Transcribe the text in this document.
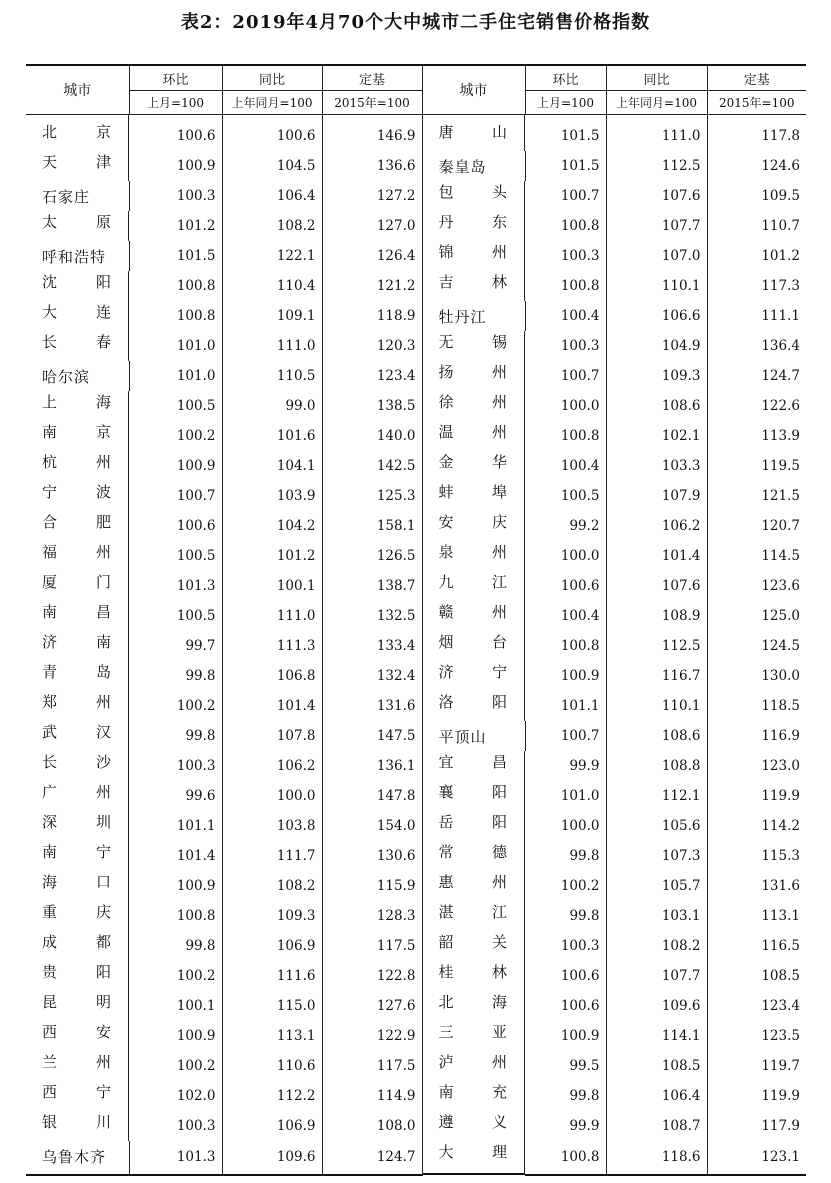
表2：2019年4月70个大中城市二手住宅销售价格指数
城市	环比	同比	定基	城市	环比	同比	定基
	上月=100	上年同月=100	2015年=100		上月=100	上年同月=100	2015年=100

北	京	100.6	100.6	146.9	唐 山	101.5	111.0	117.8

天	津	100.9	104.5	136.6	秦皇岛	101.5	112.5	124.6
石家庄	100.3	106.4	127.2	包 头	100.7	107.6	109.5

太	原	101.2	108.2	127.0	丹 东	100.8	107.7	110.7
呼和浩特	101.5	122.1	126.4	锦 州	100.3	107.0	101.2

沈	阳	100.8	110.4	121.2	吉 林	100.8	110.1	117.3

大	连	100.8	109.1	118.9	牡丹江	100.4	106.6	111.1

长	春	101.0	111.0	120.3	无 锡	100.3	104.9	136.4
哈尔滨	101.0	110.5	123.4	扬 州	100.7	109.3	124.7

上	海	100.5	99.0	138.5	徐 州	100.0	108.6	122.6

南	京	100.2	101.6	140.0	温 州	100.8	102.1	113.9

杭	州	100.9	104.1	142.5	金 华	100.4	103.3	119.5

宁	波	100.7	103.9	125.3	蚌 埠	100.5	107.9	121.5

合	肥	100.6	104.2	158.1	安 庆	99.2	106.2	120.7

福	州	100.5	101.2	126.5	泉 州	100.0	101.4	114.5

厦	门	101.3	100.1	138.7	九 江	100.6	107.6	123.6

南	昌	100.5	111.0	132.5	赣 州	100.4	108.9	125.0

济	南	99.7	111.3	133.4	烟 台	100.8	112.5	124.5

青	岛	99.8	106.8	132.4	济 宁	100.9	116.7	130.0

郑	州	100.2	101.4	131.6	洛 阳	101.1	110.1	118.5

武	汉	99.8	107.8	147.5	平顶山	100.7	108.6	116.9

长	沙	100.3	106.2	136.1	宜 昌	99.9	108.8	123.0

广	州	99.6	100.0	147.8	襄 阳	101.0	112.1	119.9

深	圳	101.1	103.8	154.0	岳 阳	100.0	105.6	114.2

南	宁	101.4	111.7	130.6	常 德	99.8	107.3	115.3

海	口	100.9	108.2	115.9	惠 州	100.2	105.7	131.6

重	庆	100.8	109.3	128.3	湛 江	99.8	103.1	113.1

成	都	99.8	106.9	117.5	韶 关	100.3	108.2	116.5

贵	阳	100.2	111.6	122.8	桂 林	100.6	107.7	108.5

昆	明	100.1	115.0	127.6	北 海	100.6	109.6	123.4

西	安	100.9	113.1	122.9	三 亚	100.9	114.1	123.5

兰	州	100.2	110.6	117.5	泸 州	99.5	108.5	119.7

西	宁	102.0	112.2	114.9	南 充	99.8	106.4	119.9

银	川	100.3	106.9	108.0	遵 义	99.9	108.7	117.9
乌鲁木齐	101.3	109.6	124.7	大 理	100.8	118.6	123.1
